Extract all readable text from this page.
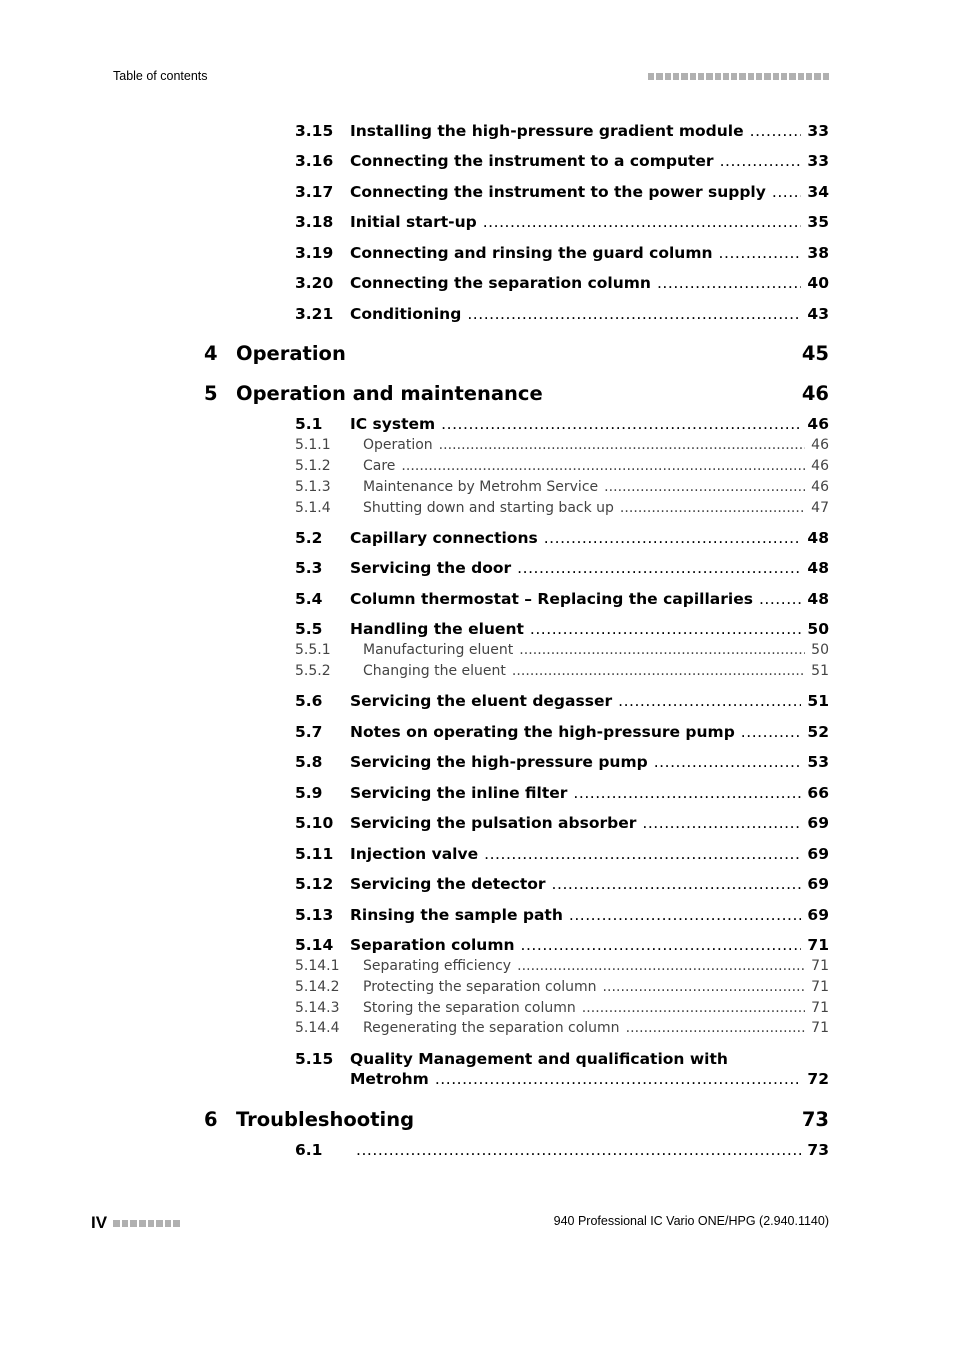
Table of contents
3.15	Installing the high-pressure gradient module . . .	33
3.16	Connecting the instrument to a computer . . .	33
3.17	Connecting the instrument to the power supply . . .	34
3.18	Initial start-up . . .	35
3.19	Connecting and rinsing the guard column . . .	38
3.20	Connecting the separation column . . .	40
3.21	Conditioning . . .	43
4 Operation	45
5 Operation and maintenance	46
5.1	IC system . . .	46
5.1.1	Operation . . .	46
5.1.2	Care . . .	46
5.1.3	Maintenance by Metrohm Service . . .	46
5.1.4	Shutting down and starting back up . . .	47
5.2	Capillary connections . . .	48
5.3	Servicing the door . . .	48
5.4	Column thermostat – Replacing the capillaries . . .	48
5.5	Handling the eluent . . .	50
5.5.1	Manufacturing eluent . . .	50
5.5.2	Changing the eluent . . .	51
5.6	Servicing the eluent degasser . . .	51
5.7	Notes on operating the high-pressure pump . . .	52
5.8	Servicing the high-pressure pump . . .	53
5.9	Servicing the inline filter . . .	66
5.10	Servicing the pulsation absorber . . .	69
5.11	Injection valve . . .	69
5.12	Servicing the detector . . .	69
5.13	Rinsing the sample path . . .	69
5.14	Separation column . . .	71
5.14.1	Separating efficiency . . .	71
5.14.2	Protecting the separation column . . .	71
5.14.3	Storing the separation column . . .	71
5.14.4	Regenerating the separation column . . .	71
5.15	Quality Management and qualification with
Metrohm . . .	72
6 Troubleshooting	73
6.1 . . .	73
IV	940 Professional IC Vario ONE/HPG (2.940.1140)
